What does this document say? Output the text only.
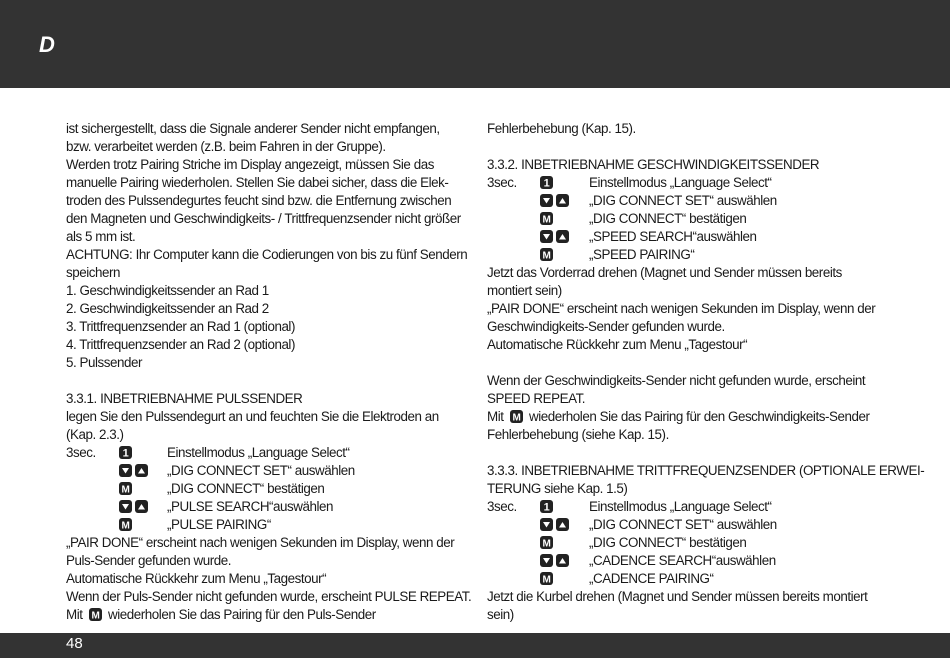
D
ist sichergestellt, dass die Signale anderer Sender nicht empfangen,
bzw. verarbeitet werden (z.B. beim Fahren in der Gruppe).
Werden trotz Pairing Striche im Display angezeigt, müssen Sie das
manuelle Pairing wiederholen. Stellen Sie dabei sicher, dass die Elek-
troden des Pulssendegurtes feucht sind bzw. die Entfernung zwischen
den Magneten und Geschwindigkeits- / Trittfrequenzsender nicht größer
als 5 mm ist.
ACHTUNG: Ihr Computer kann die Codierungen von bis zu fünf Sendern
speichern
1. Geschwindigkeitssender an Rad 1
2. Geschwindigkeitssender an Rad 2
3. Trittfrequenzsender an Rad 1 (optional)
4. Trittfrequenzsender an Rad 2 (optional)
5. Pulssender
3.3.1. INBETRIEBNAHME PULSSENDER
legen Sie den Pulssendegurt an und feuchten Sie die Elektroden an
(Kap. 2.3.)
3sec. 1	Einstellmodus „Language Select“
„DIG CONNECT SET“ auswählen
M	„DIG CONNECT“ bestätigen
„PULSE SEARCH“auswählen
M	„PULSE PAIRING“
„PAIR DONE“ erscheint nach wenigen Sekunden im Display, wenn der
Puls-Sender gefunden wurde.
Automatische Rückkehr zum Menu „Tagestour“
Wenn der Puls-Sender nicht gefunden wurde, erscheint PULSE REPEAT.
Mit M wiederholen Sie das Pairing für den Puls-Sender
Fehlerbehebung (Kap. 15).
3.3.2. INBETRIEBNAHME GESCHWINDIGKEITSSENDER
3sec. 1	Einstellmodus „Language Select“
„DIG CONNECT SET“ auswählen
M	„DIG CONNECT“ bestätigen
„SPEED SEARCH“auswählen
M	„SPEED PAIRING“
Jetzt das Vorderrad drehen (Magnet und Sender müssen bereits
montiert sein)
„PAIR DONE“ erscheint nach wenigen Sekunden im Display, wenn der
Geschwindigkeits-Sender gefunden wurde.
Automatische Rückkehr zum Menu „Tagestour“
Wenn der Geschwindigkeits-Sender nicht gefunden wurde, erscheint
SPEED REPEAT.
Mit M wiederholen Sie das Pairing für den Geschwindigkeits-Sender
Fehlerbehebung (siehe Kap. 15).
3.3.3. INBETRIEBNAHME TRITTFREQUENZSENDER (OPTIONALE ERWEI-
TERUNG siehe Kap. 1.5)
3sec. 1	Einstellmodus „Language Select“
„DIG CONNECT SET“ auswählen
M	„DIG CONNECT“ bestätigen
„CADENCE SEARCH“auswählen
M	„CADENCE PAIRING“
Jetzt die Kurbel drehen (Magnet und Sender müssen bereits montiert
sein)
48
